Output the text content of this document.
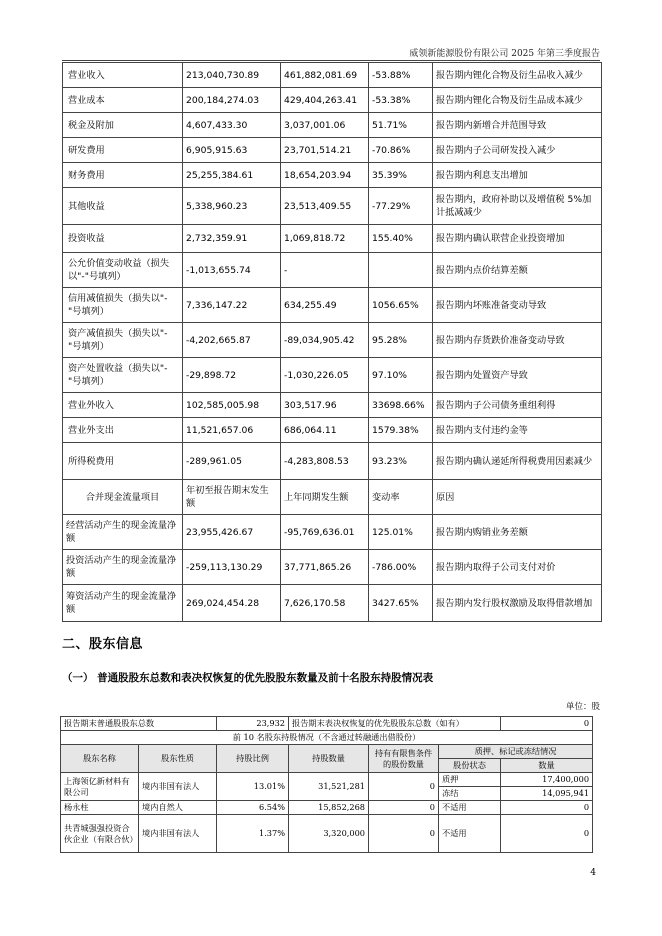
威领新能源股份有限公司 2025 年第三季度报告
营业收入	213,040,730.89	461,882,081.69	-53.88%	报告期内锂化合物及衍生品收入减少
营业成本	200,184,274.03	429,404,263.41	-53.38%	报告期内锂化合物及衍生品成本减少
税金及附加	4,607,433.30	3,037,001.06	51.71%	报告期内新增合并范围导致
研发费用	6,905,915.63	23,701,514.21	-70.86%	报告期内子公司研发投入减少
财务费用	25,255,384.61	18,654,203.94	35.39%	报告期内利息支出增加
其他收益	5,338,960.23	23,513,409.55	-77.29%	报告期内，政府补助以及增值税 5%加计抵减减少
投资收益	2,732,359.91	1,069,818.72	155.40%	报告期内确认联营企业投资增加
公允价值变动收益（损失以"-"号填列）	-1,013,655.74	-		报告期内点价结算差额
信用减值损失（损失以"-"号填列）	7,336,147.22	634,255.49	1056.65%	报告期内坏账准备变动导致
资产减值损失（损失以"-"号填列）	-4,202,665.87	-89,034,905.42	95.28%	报告期内存货跌价准备变动导致
资产处置收益（损失以"-"号填列）	-29,898.72	-1,030,226.05	97.10%	报告期内处置资产导致
营业外收入	102,585,005.98	303,517.96	33698.66%	报告期内子公司债务重组利得
营业外支出	11,521,657.06	686,064.11	1579.38%	报告期内支付违约金等
所得税费用	-289,961.05	-4,283,808.53	93.23%	报告期内确认递延所得税费用因素减少
合并现金流量项目	年初至报告期末发生额	上年同期发生额	变动率	原因
经营活动产生的现金流量净额	23,955,426.67	-95,769,636.01	125.01%	报告期内购销业务差额
投资活动产生的现金流量净额	-259,113,130.29	37,771,865.26	-786.00%	报告期内取得子公司支付对价
筹资活动产生的现金流量净额	269,024,454.28	7,626,170.58	3427.65%	报告期内发行股权激励及取得借款增加
二、股东信息
（一） 普通股股东总数和表决权恢复的优先股股东数量及前十名股东持股情况表
单位：股
报告期末普通股股东总数		23,932	报告期末表决权恢复的优先股股东总数（如有）			0
前 10 名股东持股情况（不含通过转融通出借股份）						
股东名称	股东性质	持股比例	持股数量	持有有限售条件的股份数量	质押、标记或冻结情况	
					股份状态	数量
上海领亿新材料有限公司	境内非国有法人	13.01%	31,521,281	0	质押	17,400,000
					冻结	14,095,941
杨永柱	境内自然人	6.54%	15,852,268	0	不适用	0
共青城强强投资合伙企业（有限合伙）	境内非国有法人	1.37%	3,320,000	0	不适用	0
4
